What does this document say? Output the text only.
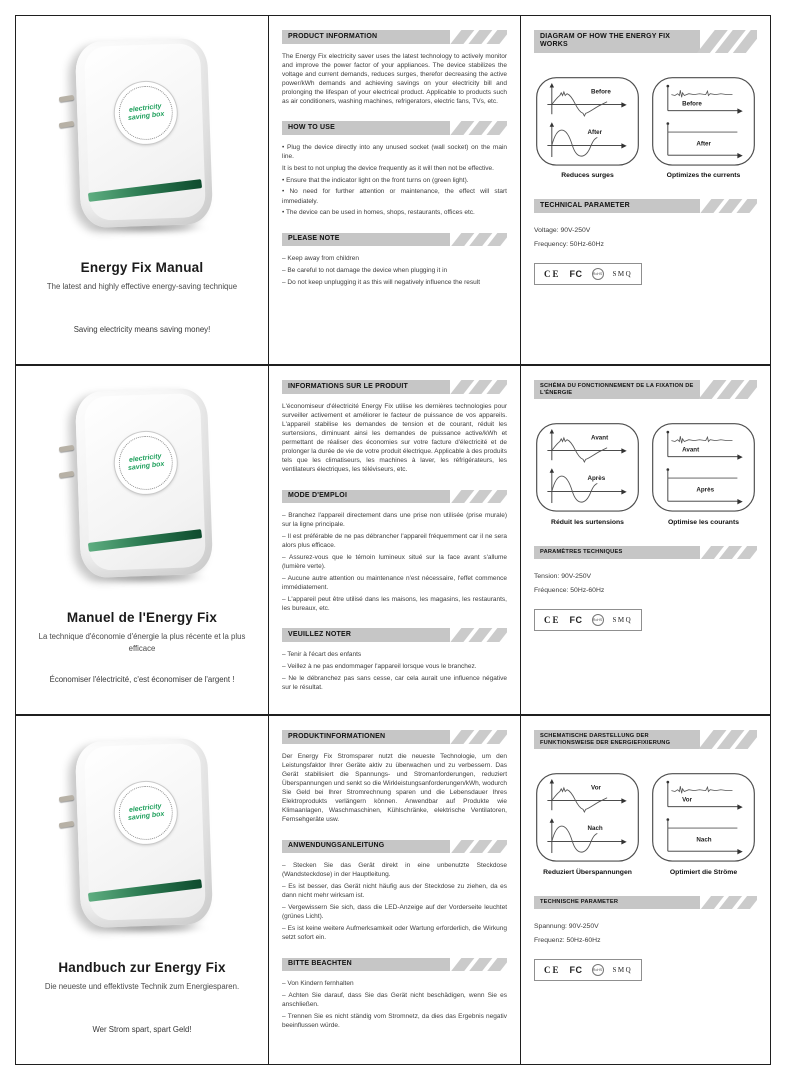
electricity saving box
Energy Fix Manual

The latest and highly effective energy-saving technique

Saving electricity means saving money!

PRODUCT INFORMATION

The Energy Fix electricity saver uses the latest technology to actively monitor and improve the power factor of your appliances. The device stabilizes the voltage and current demands, reduces surges, therefor decreasing the active power/kWh demands and achieving savings on your electricity bill and prolonging the lifespan of your electrical product. Applicable to products such as air conditioners, washing machines, refrigerators, electric fans, TVs, etc.

HOW TO USE
• Plug the device directly into any unused socket (wall socket) on the main line.
It is best to not unplug the device frequently as it will then not be effective.
• Ensure that the indicator light on the front turns on (green light).
• No need for further attention or maintenance, the effect will start immediately.
• The device can be used in homes, shops, restaurants, offices etc.
PLEASE NOTE
– Keep away from children
– Be careful to not damage the device when plugging it in
– Do not keep unplugging it as this will negatively influence the result
DIAGRAM OF HOW THE ENERGY FIX WORKS
Before
After
Reduces surges
Before
After
Optimizes the currents
TECHNICAL PARAMETER
Voltage: 90V-250V
Frequency: 50Hz-60Hz
CE FC	RoHS SMQ
electricity saving box
Manuel de l'Energy Fix

La technique d'économie d'énergie la plus récente et la plus efficace

Économiser l'électricité, c'est économiser de l'argent !

INFORMATIONS SUR LE PRODUIT

L'économiseur d'électricité Energy Fix utilise les dernières technologies pour surveiller activement et améliorer le facteur de puissance de vos appareils. L'appareil stabilise les demandes de tension et de courant, réduit les surtensions, diminuant ainsi les demandes de puissance active/kWh et permettant de réaliser des économies sur votre facture d'électricité et de prolonger la durée de vie de votre produit électrique. Applicable à des produits tels que les climatiseurs, les machines à laver, les réfrigérateurs, les ventilateurs électriques, les téléviseurs, etc.

MODE D'EMPLOI
– Branchez l'appareil directement dans une prise non utilisée (prise murale) sur la ligne principale.
– Il est préférable de ne pas débrancher l'appareil fréquemment car il ne sera alors plus efficace.
– Assurez-vous que le témoin lumineux situé sur la face avant s'allume (lumière verte).
– Aucune autre attention ou maintenance n'est nécessaire, l'effet commence immédiatement.
– L'appareil peut être utilisé dans les maisons, les magasins, les restaurants, les bureaux, etc.
VEUILLEZ NOTER
– Tenir à l'écart des enfants
– Veillez à ne pas endommager l'appareil lorsque vous le branchez.
– Ne le débranchez pas sans cesse, car cela aurait une influence négative sur le résultat.
SCHÉMA DU FONCTIONNEMENT DE LA FIXATION DE L'ÉNERGIE
Avant
Après
Réduit les surtensions
Avant
Après
Optimise les courants
PARAMÈTRES TECHNIQUES
Tension: 90V-250V
Fréquence: 50Hz-60Hz
CE FC	RoHS SMQ
electricity saving box
Handbuch zur Energy Fix

Die neueste und effektivste Technik zum Energiesparen.

Wer Strom spart, spart Geld!

PRODUKTINFORMATIONEN

Der Energy Fix Stromsparer nutzt die neueste Technologie, um den Leistungsfaktor Ihrer Geräte aktiv zu überwachen und zu verbessern. Das Gerät stabilisiert die Spannungs- und Stromanforderungen, reduziert Überspannungen und senkt so die Wirkleistungsanforderungen/kWh, wodurch Sie Geld bei Ihrer Stromrechnung sparen und die Lebensdauer Ihres Elektroprodukts verlängern können. Anwendbar auf Produkte wie Klimaanlagen, Waschmaschinen, Kühlschränke, elektrische Ventilatoren, Fernsehgeräte usw.

ANWENDUNGSANLEITUNG
– Stecken Sie das Gerät direkt in eine unbenutzte Steckdose (Wandsteckdose) in der Hauptleitung.
– Es ist besser, das Gerät nicht häufig aus der Steckdose zu ziehen, da es dann nicht mehr wirksam ist.
– Vergewissern Sie sich, dass die LED-Anzeige auf der Vorderseite leuchtet (grünes Licht).
– Es ist keine weitere Aufmerksamkeit oder Wartung erforderlich, die Wirkung setzt sofort ein.
BITTE BEACHTEN
– Von Kindern fernhalten
– Achten Sie darauf, dass Sie das Gerät nicht beschädigen, wenn Sie es anschließen.
– Trennen Sie es nicht ständig vom Stromnetz, da dies das Ergebnis negativ beeinflussen würde.
SCHEMATISCHE DARSTELLUNG DER FUNKTIONSWEISE DER ENERGIEFIXIERUNG
Vor
Nach
Reduziert Überspannungen
Vor
Nach
Optimiert die Ströme
TECHNISCHE PARAMETER
Spannung: 90V-250V
Frequenz: 50Hz-60Hz
CE FC	RoHS SMQ
